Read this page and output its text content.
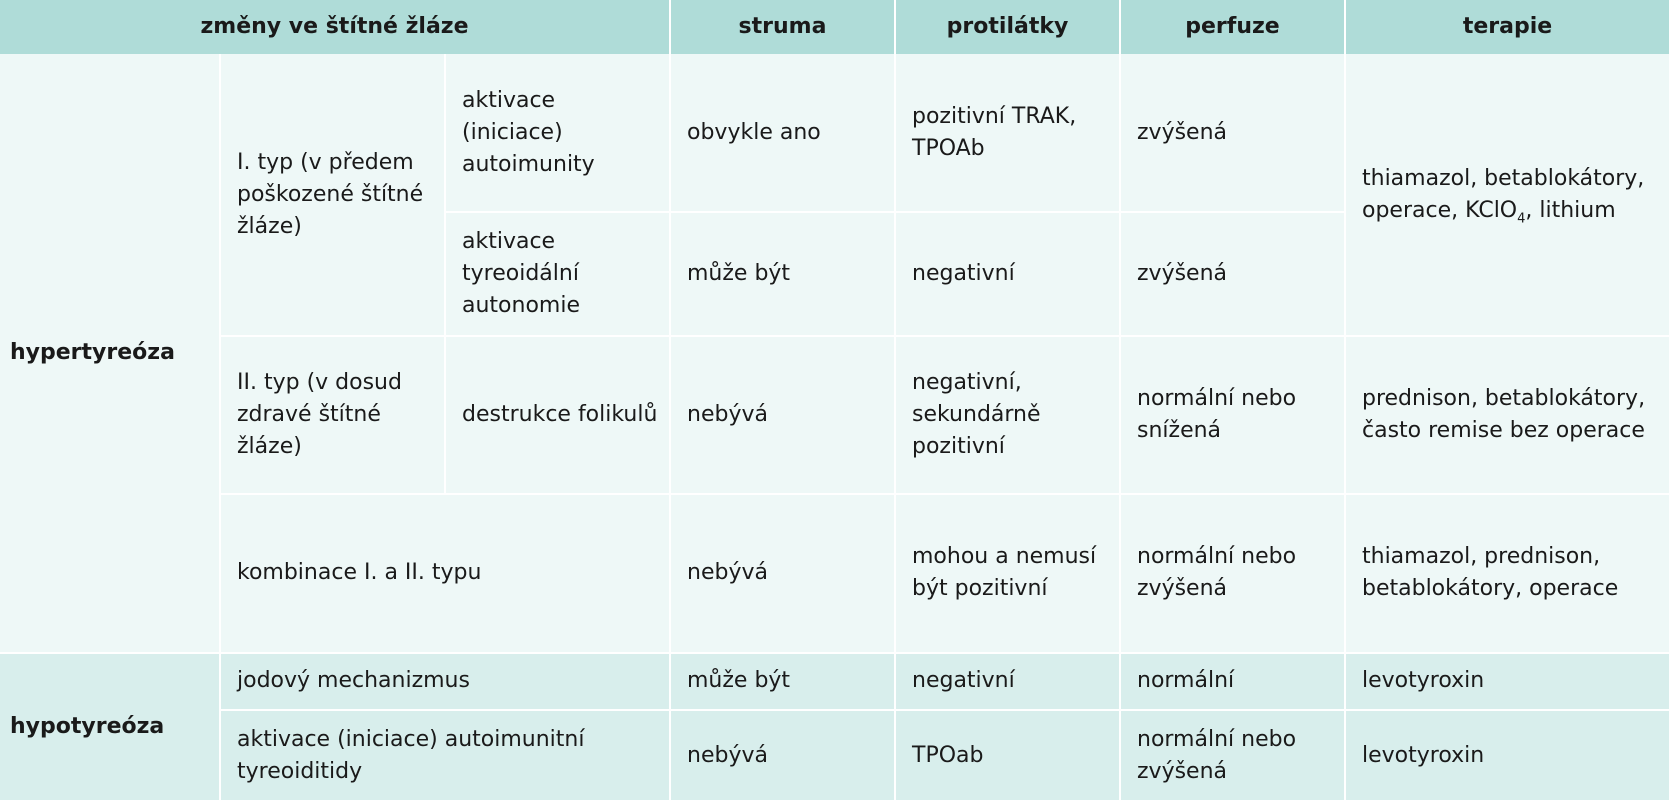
změny ve štítné žláze			struma	protilátky	perfuze	terapie
hypertyreóza	I. typ (v předem poškozené štítné žláze)	aktivace (iniciace) autoimunity	obvykle ano	pozitivní TRAK, TPOAb	zvýšená	thiamazol, betablokátory, operace, KClO$_4$, lithium
		aktivace tyreoidální autonomie	může být	negativní	zvýšená	
	II. typ (v dosud zdravé štítné žláze)	destrukce folikulů	nebývá	negativní, sekundárně pozitivní	normální nebo snížená	prednison, betablokátory, často remise bez operace
	kombinace I. a II. typu		nebývá	mohou a nemusí být pozitivní	normální nebo zvýšená	thiamazol, prednison, betablokátory, operace
hypotyreóza	jodový mechanizmus		může být	negativní	normální	levotyroxin
	aktivace (iniciace) autoimunitní tyreoiditidy		nebývá	TPOab	normální nebo zvýšená	levotyroxin
